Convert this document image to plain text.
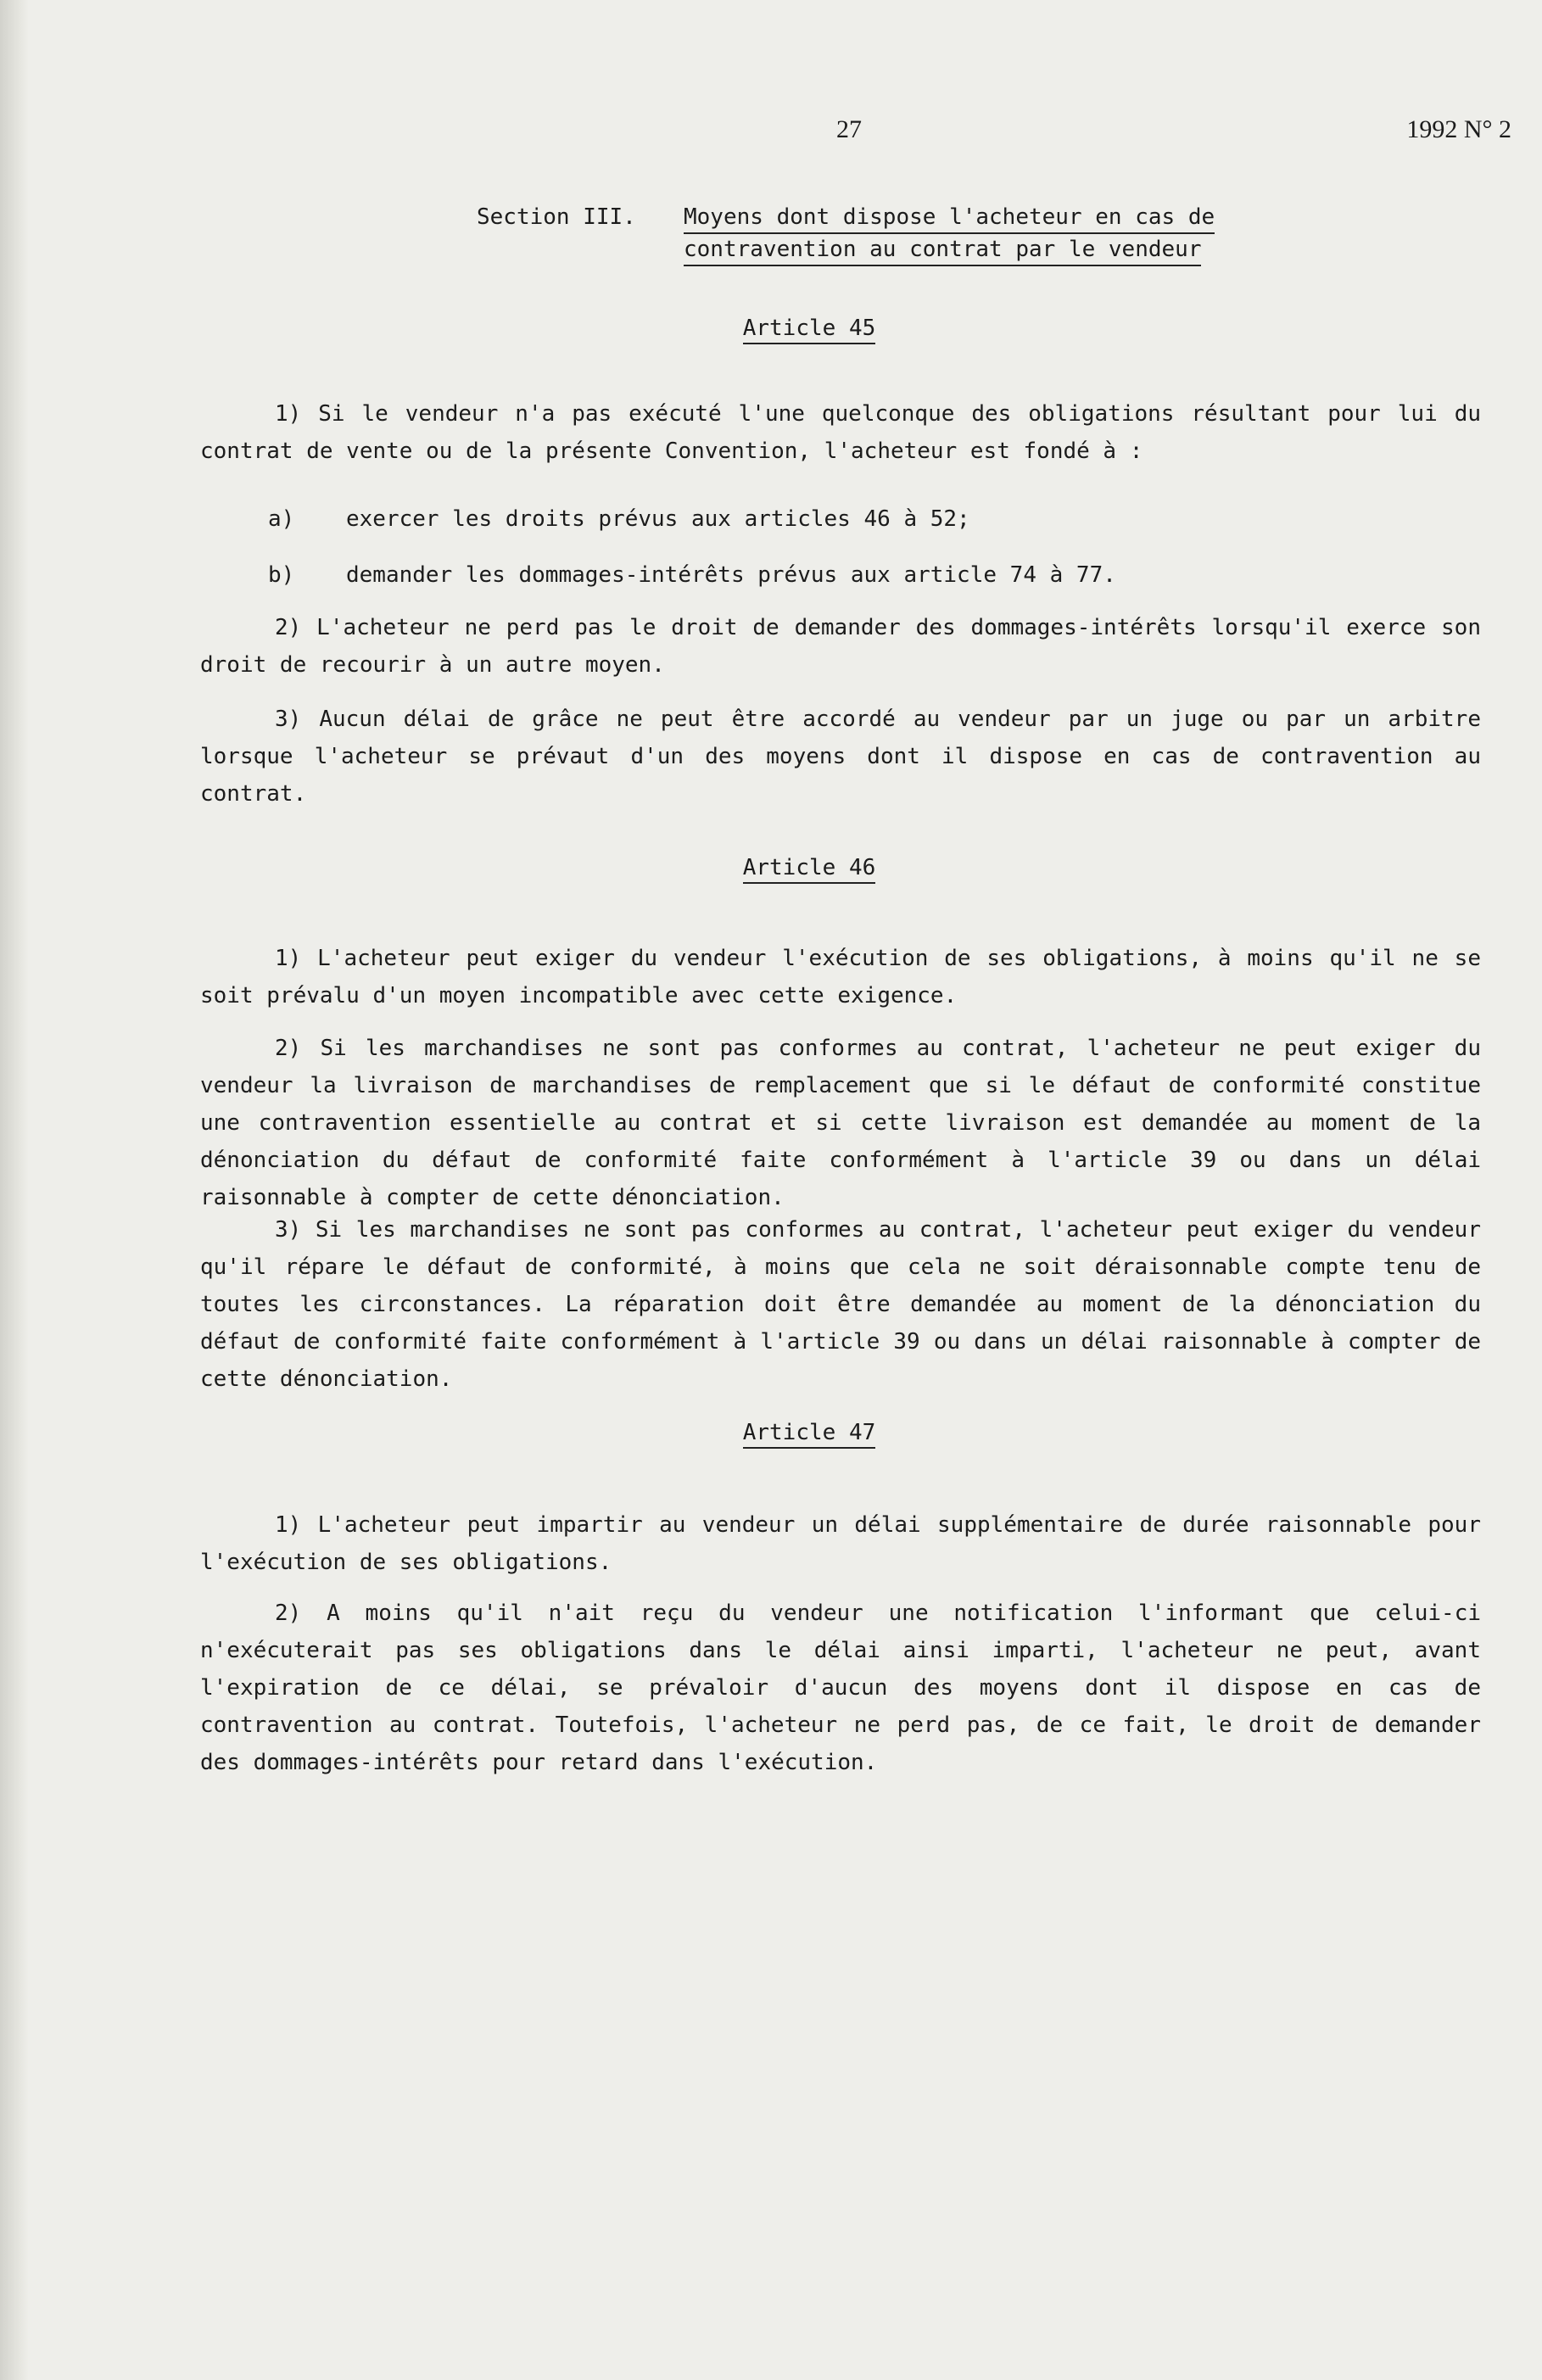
27	1992 N° 2
Section III. Moyens dont dispose l'acheteur en cas de
contravention au contrat par le vendeur
Article 45

1) Si le vendeur n'a pas exécuté l'une quelconque des obligations résultant pour lui du contrat de vente ou de la présente Convention, l'acheteur est fondé à :

a) exercer les droits prévus aux articles 46 à 52;
b) demander les dommages-intérêts prévus aux article 74 à 77.

2) L'acheteur ne perd pas le droit de demander des dommages-intérêts lorsqu'il exerce son droit de recourir à un autre moyen.

3) Aucun délai de grâce ne peut être accordé au vendeur par un juge ou par un arbitre lorsque l'acheteur se prévaut d'un des moyens dont il dispose en cas de contravention au contrat.

Article 46

1) L'acheteur peut exiger du vendeur l'exécution de ses obligations, à moins qu'il ne se soit prévalu d'un moyen incompatible avec cette exigence.

2) Si les marchandises ne sont pas conformes au contrat, l'acheteur ne peut exiger du vendeur la livraison de marchandises de remplacement que si le défaut de conformité constitue une contravention essentielle au contrat et si cette livraison est demandée au moment de la dénonciation du défaut de conformité faite conformément à l'article 39 ou dans un délai raisonnable à compter de cette dénonciation.

3) Si les marchandises ne sont pas conformes au contrat, l'acheteur peut exiger du vendeur qu'il répare le défaut de conformité, à moins que cela ne soit déraisonnable compte tenu de toutes les circonstances. La réparation doit être demandée au moment de la dénonciation du défaut de conformité faite conformément à l'article 39 ou dans un délai raisonnable à compter de cette dénonciation.

Article 47

1) L'acheteur peut impartir au vendeur un délai supplémentaire de durée raisonnable pour l'exécution de ses obligations.

2) A moins qu'il n'ait reçu du vendeur une notification l'informant que celui-ci n'exécuterait pas ses obligations dans le délai ainsi imparti, l'acheteur ne peut, avant l'expiration de ce délai, se prévaloir d'aucun des moyens dont il dispose en cas de contravention au contrat. Toutefois, l'acheteur ne perd pas, de ce fait, le droit de demander des dommages-intérêts pour retard dans l'exécution.
